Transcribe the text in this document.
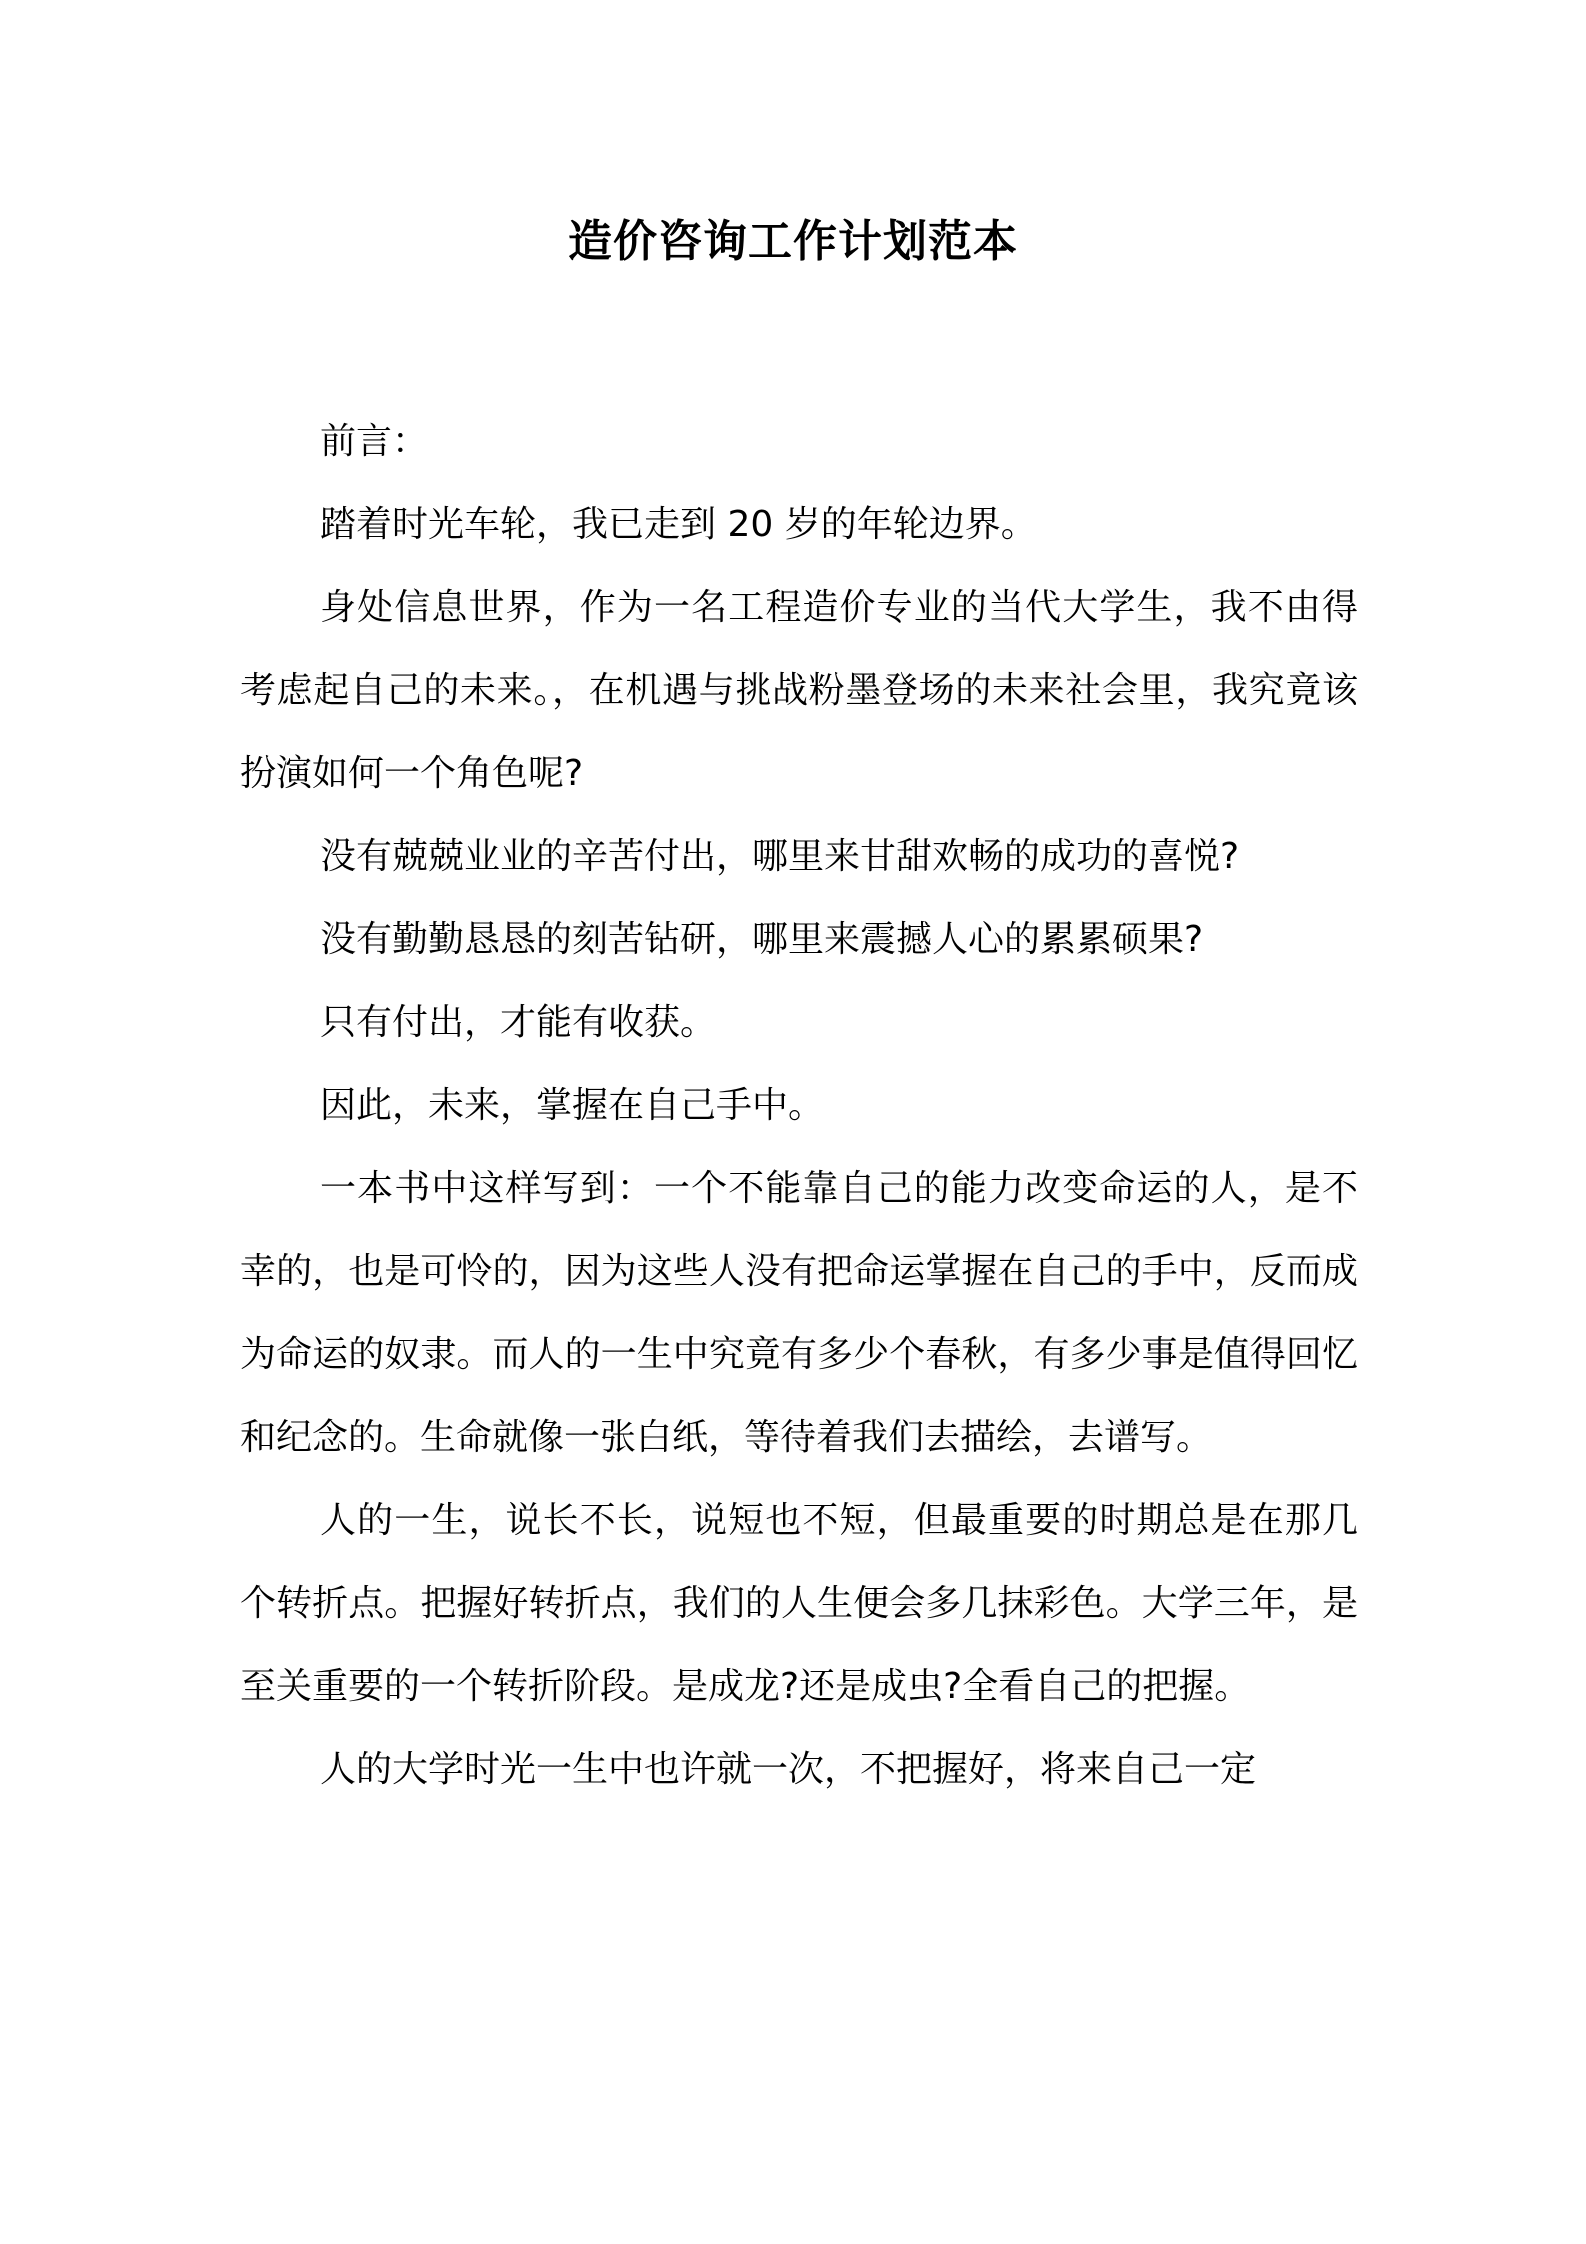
造价咨询工作计划范本

前言：

踏着时光车轮，我已走到 20 岁的年轮边界。

身处信息世界，作为一名工程造价专业的当代大学生，我不由得考虑起自己的未来。，在机遇与挑战粉墨登场的未来社会里，我究竟该扮演如何一个角色呢?

没有兢兢业业的辛苦付出，哪里来甘甜欢畅的成功的喜悦?

没有勤勤恳恳的刻苦钻研，哪里来震撼人心的累累硕果?

只有付出，才能有收获。

因此，未来，掌握在自己手中。

一本书中这样写到：一个不能靠自己的能力改变命运的人，是不幸的，也是可怜的，因为这些人没有把命运掌握在自己的手中，反而成为命运的奴隶。而人的一生中究竟有多少个春秋，有多少事是值得回忆和纪念的。生命就像一张白纸，等待着我们去描绘，去谱写。

人的一生，说长不长，说短也不短，但最重要的时期总是在那几个转折点。把握好转折点，我们的人生便会多几抹彩色。大学三年，是至关重要的一个转折阶段。是成龙?还是成虫?全看自己的把握。

人的大学时光一生中也许就一次，不把握好，将来自己一定
